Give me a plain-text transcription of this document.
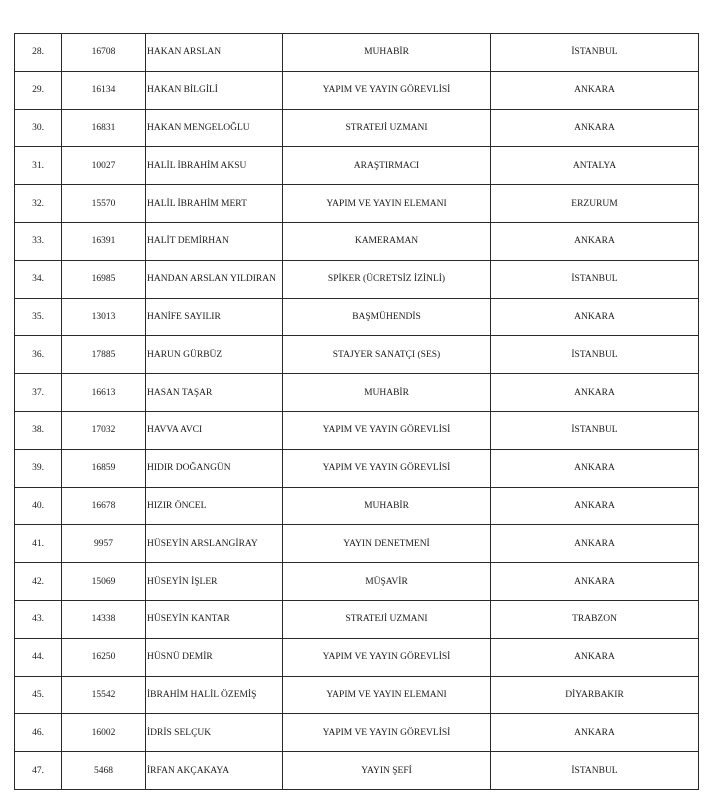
28.	16708	HAKAN ARSLAN	MUHABİR	İSTANBUL
29.	16134	HAKAN BİLGİLİ	YAPIM VE YAYIN GÖREVLİSİ	ANKARA
30.	16831	HAKAN MENGELOĞLU	STRATEJİ UZMANI	ANKARA
31.	10027	HALİL İBRAHİM AKSU	ARAŞTIRMACI	ANTALYA
32.	15570	HALİL İBRAHİM MERT	YAPIM VE YAYIN ELEMANI	ERZURUM
33.	16391	HALİT DEMİRHAN	KAMERAMAN	ANKARA
34.	16985	HANDAN ARSLAN YILDIRAN	SPİKER (ÜCRETSİZ İZİNLİ)	İSTANBUL
35.	13013	HANİFE SAYILIR	BAŞMÜHENDİS	ANKARA
36.	17885	HARUN GÜRBÜZ	STAJYER SANATÇI (SES)	İSTANBUL
37.	16613	HASAN TAŞAR	MUHABİR	ANKARA
38.	17032	HAVVA AVCI	YAPIM VE YAYIN GÖREVLİSİ	İSTANBUL
39.	16859	HIDIR DOĞANGÜN	YAPIM VE YAYIN GÖREVLİSİ	ANKARA
40.	16678	HIZIR ÖNCEL	MUHABİR	ANKARA
41.	9957	HÜSEYİN ARSLANGİRAY	YAYIN DENETMENİ	ANKARA
42.	15069	HÜSEYİN İŞLER	MÜŞAVİR	ANKARA
43.	14338	HÜSEYİN KANTAR	STRATEJİ UZMANI	TRABZON
44.	16250	HÜSNÜ DEMİR	YAPIM VE YAYIN GÖREVLİSİ	ANKARA
45.	15542	İBRAHİM HALİL ÖZEMİŞ	YAPIM VE YAYIN ELEMANI	DİYARBAKIR
46.	16002	İDRİS SELÇUK	YAPIM VE YAYIN GÖREVLİSİ	ANKARA
47.	5468	İRFAN AKÇAKAYA	YAYIN ŞEFİ	İSTANBUL
